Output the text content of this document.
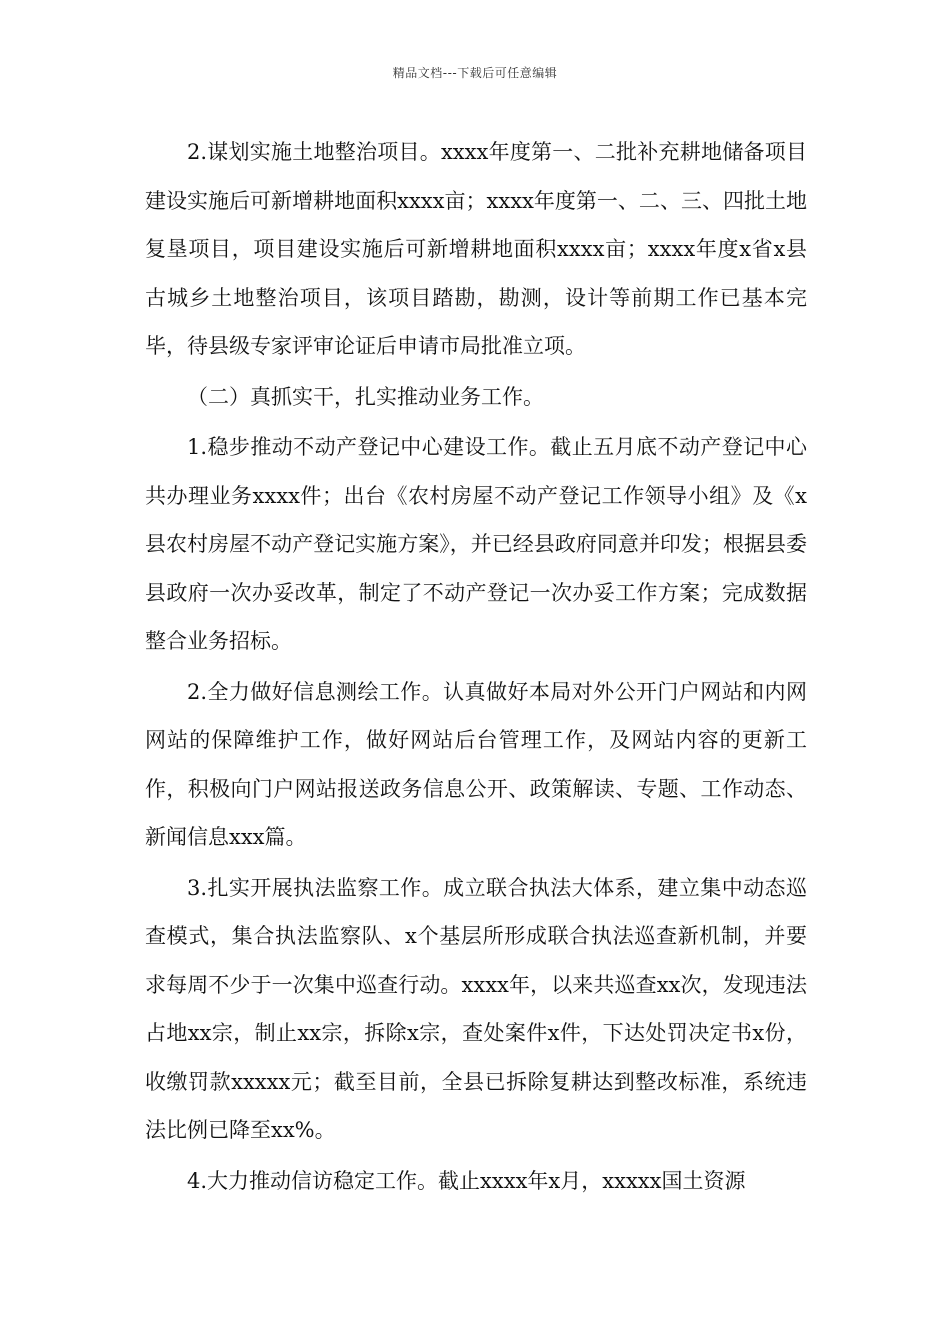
精品文档---下载后可任意编辑

2.谋划实施土地整治项目。xxxx年度第一、二批补充耕地储备项目建设实施后可新增耕地面积xxxx亩；xxxx年度第一、二、三、四批土地复垦项目，项目建设实施后可新增耕地面积xxxx亩；xxxx年度x省x县古城乡土地整治项目，该项目踏勘，勘测，设计等前期工作已基本完毕，待县级专家评审论证后申请市局批准立项。

（二）真抓实干，扎实推动业务工作。

1.稳步推动不动产登记中心建设工作。截止五月底不动产登记中心共办理业务xxxx件；出台《农村房屋不动产登记工作领导小组》及《x县农村房屋不动产登记实施方案》，并已经县政府同意并印发；根据县委县政府一次办妥改革，制定了不动产登记一次办妥工作方案；完成数据整合业务招标。

2.全力做好信息测绘工作。认真做好本局对外公开门户网站和内网网站的保障维护工作，做好网站后台管理工作，及网站内容的更新工作，积极向门户网站报送政务信息公开、政策解读、专题、工作动态、新闻信息xxx篇。

3.扎实开展执法监察工作。成立联合执法大体系，建立集中动态巡查模式，集合执法监察队、x个基层所形成联合执法巡查新机制，并要求每周不少于一次集中巡查行动。xxxx年，以来共巡查xx次，发现违法占地xx宗，制止xx宗，拆除x宗，查处案件x件，下达处罚决定书x份，收缴罚款xxxxx元；截至目前，全县已拆除复耕达到整改标准，系统违法比例已降至xx%。

4.大力推动信访稳定工作。截止xxxx年x月，xxxxx国土资源
